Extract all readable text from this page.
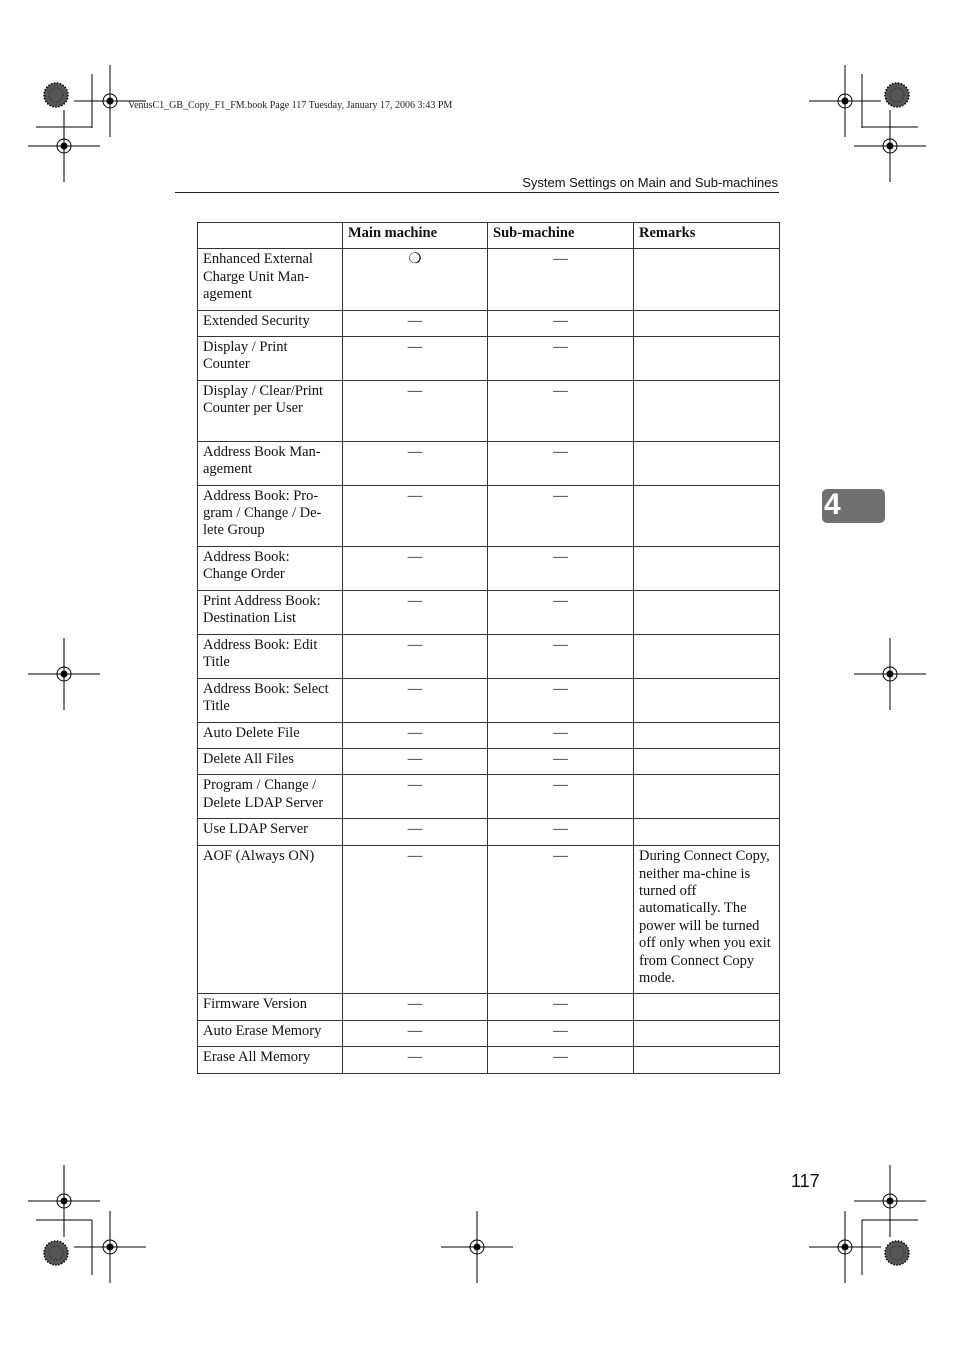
VenusC1_GB_Copy_F1_FM.book Page 117 Tuesday, January 17, 2006 3:43 PM
System Settings on Main and Sub-machines
	Main machine	Sub-machine	Remarks
Enhanced External Charge Unit Man-agement	❍	—	
Extended Security	—	—	
Display / Print Counter	—	—	
Display / Clear/Print Counter per User	—	—	
Address Book Man-agement	—	—	
Address Book: Pro-gram / Change / De-lete Group	—	—	
Address Book: Change Order	—	—	
Print Address Book: Destination List	—	—	
Address Book: Edit Title	—	—	
Address Book: Select Title	—	—	
Auto Delete File	—	—	
Delete All Files	—	—	
Program / Change / Delete LDAP Server	—	—	
Use LDAP Server	—	—	
AOF (Always ON)	—	—	During Connect Copy, neither ma-chine is turned off automatically. The power will be turned off only when you exit from Connect Copy mode.
Firmware Version	—	—	
Auto Erase Memory	—	—	
Erase All Memory	—	—	
4
117
